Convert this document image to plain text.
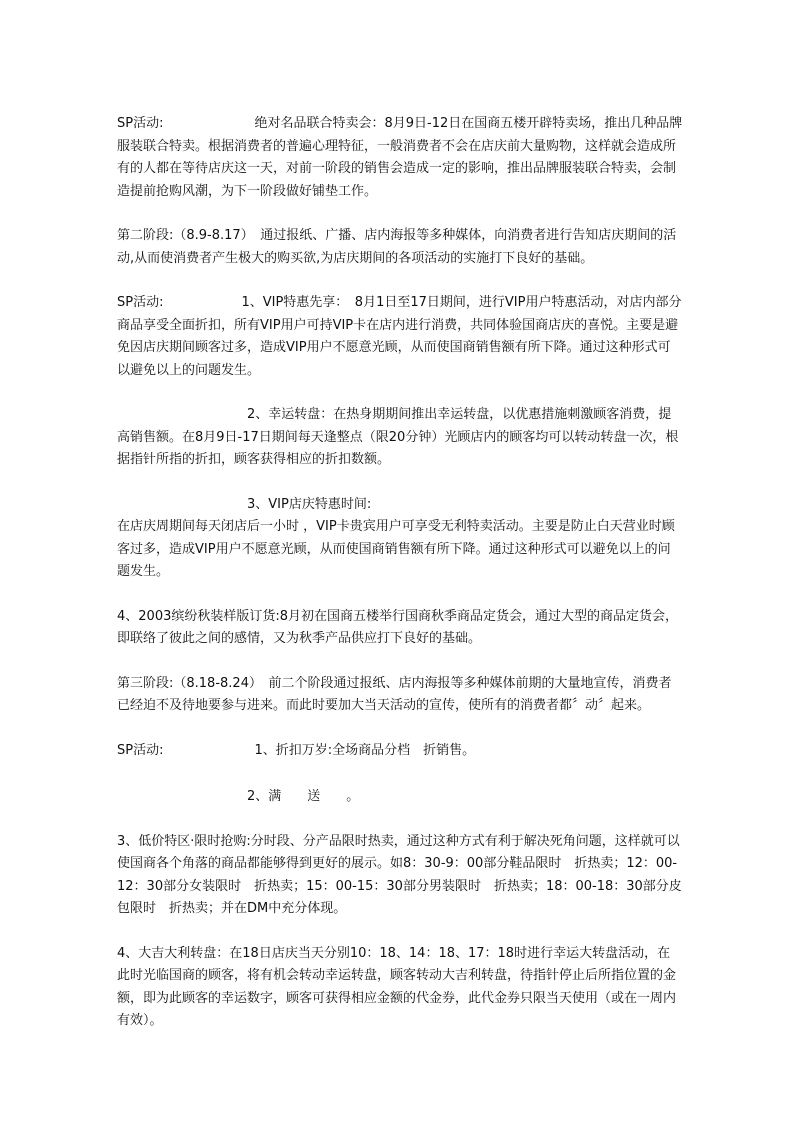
SP活动:　　　　　　　绝对名品联合特卖会：8月9日-12日在国商五楼开辟特卖场，推出几种品牌服装联合特卖。根据消费者的普遍心理特征，一般消费者不会在店庆前大量购物，这样就会造成所有的人都在等待店庆这一天，对前一阶段的销售会造成一定的影响，推出品牌服装联合特卖，会制造提前抢购风潮，为下一阶段做好铺垫工作。

第二阶段:（8.9-8.17）　通过报纸、广播、店内海报等多种媒体，向消费者进行告知店庆期间的活动,从而使消费者产生极大的购买欲,为店庆期间的各项活动的实施打下良好的基础。

SP活动:　　　　　　1、VIP特惠先享：　8月1日至17日期间，进行VIP用户特惠活动，对店内部分商品享受全面折扣，所有VIP用户可持VIP卡在店内进行消费，共同体验国商店庆的喜悦。主要是避免因店庆期间顾客过多，造成VIP用户不愿意光顾，从而使国商销售额有所下降。通过这种形式可以避免以上的问题发生。

　　　　　　　　　　2、幸运转盘：在热身期期间推出幸运转盘，以优惠措施刺激顾客消费，提高销售额。在8月9日-17日期间每天逢整点（限20分钟）光顾店内的顾客均可以转动转盘一次，根据指针所指的折扣，顾客获得相应的折扣数额。

　　　　　　　　　　3、VIP店庆特惠时间:
在店庆周期间每天闭店后一小时 ，VIP卡贵宾用户可享受无利特卖活动。主要是防止白天营业时顾客过多，造成VIP用户不愿意光顾，从而使国商销售额有所下降。通过这种形式可以避免以上的问题发生。

4、2003缤纷秋装样版订货:8月初在国商五楼举行国商秋季商品定货会，通过大型的商品定货会，即联络了彼此之间的感情，又为秋季产品供应打下良好的基础。

第三阶段:（8.18-8.24）　前二个阶段通过报纸、店内海报等多种媒体前期的大量地宣传，消费者已经迫不及待地要参与进来。而此时要加大当天活动的宣传，使所有的消费者都〞动〞起来。

SP活动:　　　　　　　1、折扣万岁:全场商品分档　折销售。

　　　　　　　　　　2、满　　送　　。

3、低价特区·限时抢购:分时段、分产品限时热卖，通过这种方式有利于解决死角问题，这样就可以使国商各个角落的商品都能够得到更好的展示。如8：30-9：00部分鞋品限时　折热卖；12：00-12：30部分女装限时　折热卖；15：00-15：30部分男装限时　折热卖；18：00-18：30部分皮包限时　折热卖；并在DM中充分体现。

4、大吉大利转盘：在18日店庆当天分别10：18、14：18、17：18时进行幸运大转盘活动，在此时光临国商的顾客，将有机会转动幸运转盘，顾客转动大吉利转盘，待指针停止后所指位置的金额，即为此顾客的幸运数字，顾客可获得相应金额的代金券，此代金券只限当天使用（或在一周内有效）。
